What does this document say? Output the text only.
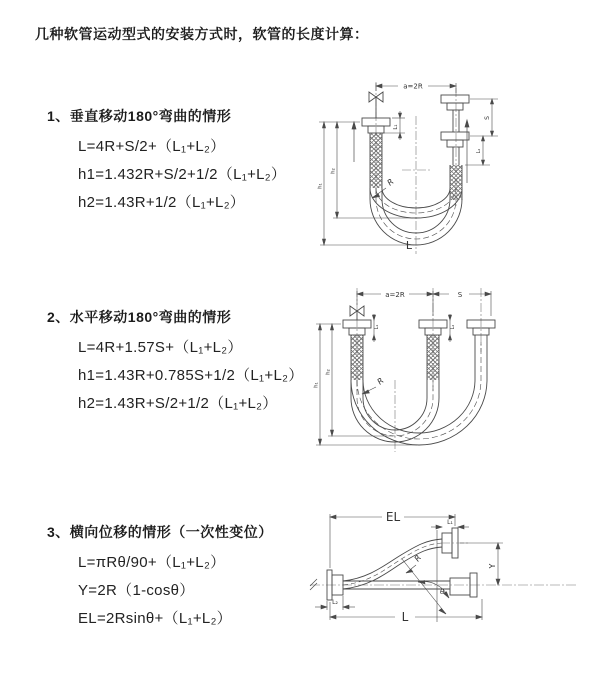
几种软管运动型式的安装方式时，软管的长度计算：
1、垂直移动180°弯曲的情形
L=4R+S/2+（L₁+L₂）
h1=1.432R+S/2+1/2（L₁+L₂）
h2=1.43R+1/2（L₁+L₂）
2、水平移动180°弯曲的情形
L=4R+1.57S+（L₁+L₂）
h1=1.43R+0.785S+1/2（L₁+L₂）
h2=1.43R+S/2+1/2（L₁+L₂）
3、横向位移的情形（一次性变位）
L=πRθ/90+（L₁+L₂）
Y=2R（1-cosθ）
EL=2Rsinθ+（L₁+L₂）
a=2R
L₁
S
L₂
h₁
h₂
R
L
a=2R	S
L₁	L₂
h₁
h₂
R
EL	L₁
Y
R
θ
L
L₂
